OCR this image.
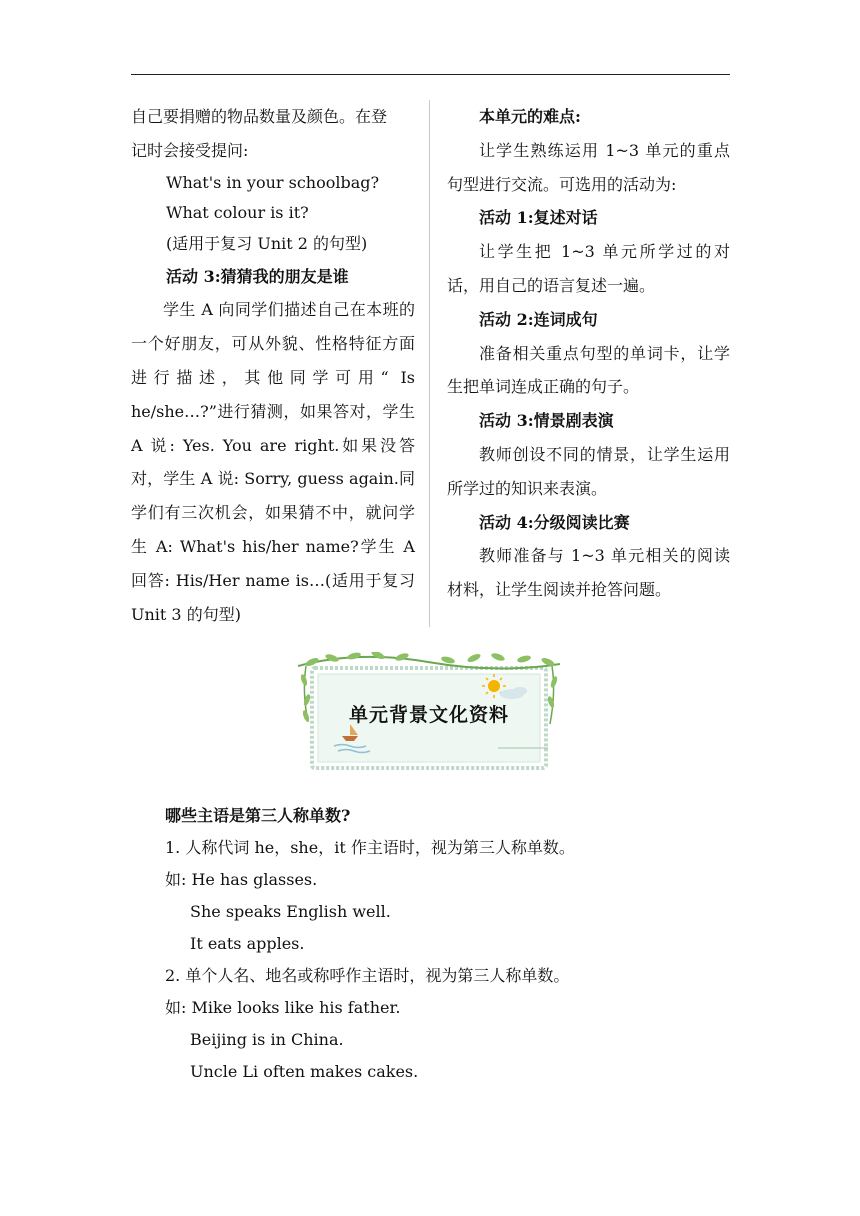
自己要捐赠的物品数量及颜色。在登

记时会接受提问:

What's in your schoolbag?

What colour is it?

(适用于复习 Unit 2 的句型)

活动 3:猜猜我的朋友是谁

学生 A 向同学们描述自己在本班的一个好朋友，可从外貌、性格特征方面进行描述，其他同学可用“ Is he/she…?”进行猜测，如果答对，学生 A 说: Yes. You are right.如果没答对，学生 A 说: Sorry, guess again.同学们有三次机会，如果猜不中，就问学生 A: What's his/her name?学生 A 回答: His/Her name is…(适用于复习 Unit 3 的句型)

本单元的难点:

让学生熟练运用 1~3 单元的重点句型进行交流。可选用的活动为:

活动 1:复述对话

让学生把 1~3 单元所学过的对话，用自己的语言复述一遍。

活动 2:连词成句

准备相关重点句型的单词卡，让学生把单词连成正确的句子。

活动 3:情景剧表演

教师创设不同的情景，让学生运用所学过的知识来表演。

活动 4:分级阅读比赛

教师准备与 1~3 单元相关的阅读材料，让学生阅读并抢答问题。

单元背景文化资料

哪些主语是第三人称单数?

1. 人称代词 he，she，it 作主语时，视为第三人称单数。

如: He has glasses.

She speaks English well.

It eats apples.

2. 单个人名、地名或称呼作主语时，视为第三人称单数。

如: Mike looks like his father.

Beijing is in China.

Uncle Li often makes cakes.
